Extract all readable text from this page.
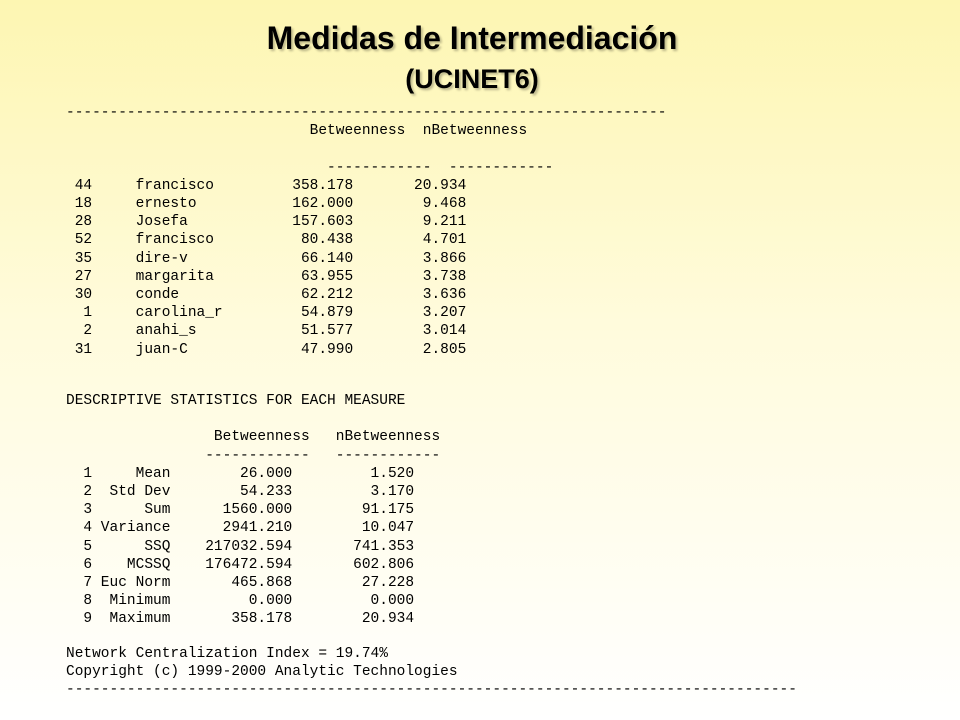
Medidas de Intermediación
(UCINET6)
---------------------------------------------------------------------
Betweenness  nBetweenness

------------  ------------
44     francisco         358.178       20.934
18     ernesto           162.000        9.468
28     Josefa            157.603        9.211
52     francisco          80.438        4.701
35     dire-v             66.140        3.866
27     margarita          63.955        3.738
30     conde              62.212        3.636
1     carolina_r         54.879        3.207
2     anahi_s            51.577        3.014
31     juan-C             47.990        2.805
DESCRIPTIVE STATISTICS FOR EACH MEASURE

Betweenness   nBetweenness
------------   ------------
1     Mean        26.000         1.520
2  Std Dev        54.233         3.170
3      Sum      1560.000        91.175
4 Variance      2941.210        10.047
5      SSQ    217032.594       741.353
6    MCSSQ    176472.594       602.806
7 Euc Norm       465.868        27.228
8  Minimum         0.000         0.000
9  Maximum       358.178        20.934
Network Centralization Index = 19.74%
Copyright (c) 1999-2000 Analytic Technologies
------------------------------------------------------------------------------------
